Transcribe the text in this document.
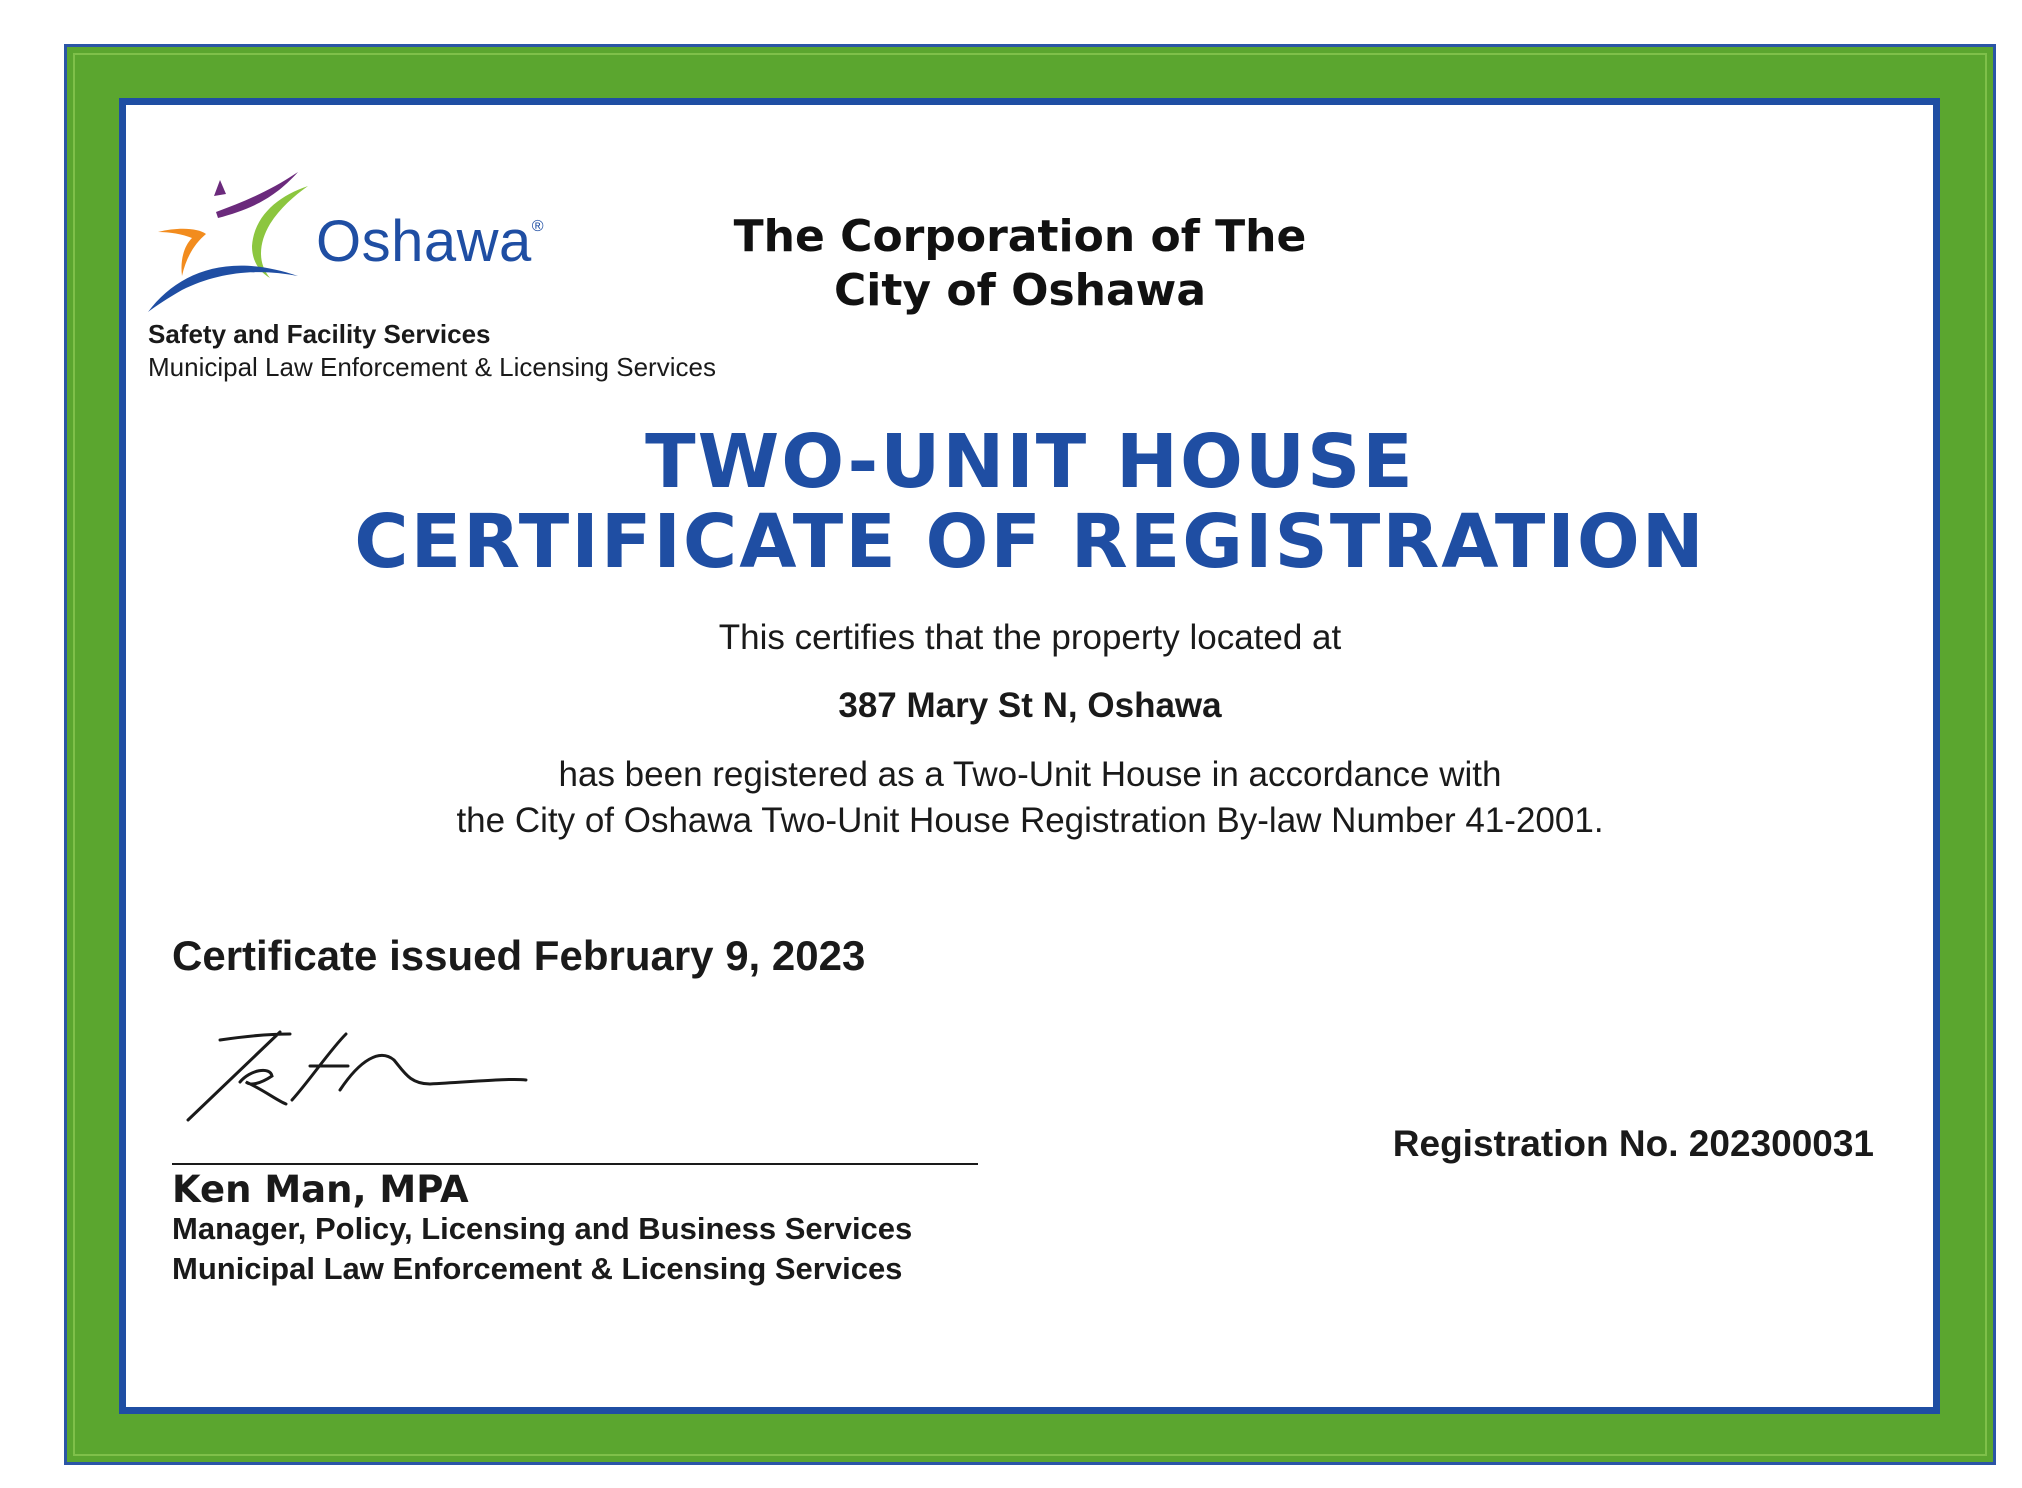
Oshawa®
Safety and Facility Services
Municipal Law Enforcement & Licensing Services
The Corporation of The
City of Oshawa
TWO-UNIT HOUSE
CERTIFICATE OF REGISTRATION
This certifies that the property located at
387 Mary St N, Oshawa
has been registered as a Two-Unit House in accordance with
the City of Oshawa Two-Unit House Registration By-law Number 41-2001.
Certificate issued February 9, 2023
Ken Man, MPA
Manager, Policy, Licensing and Business Services
Municipal Law Enforcement & Licensing Services
Registration No. 202300031
